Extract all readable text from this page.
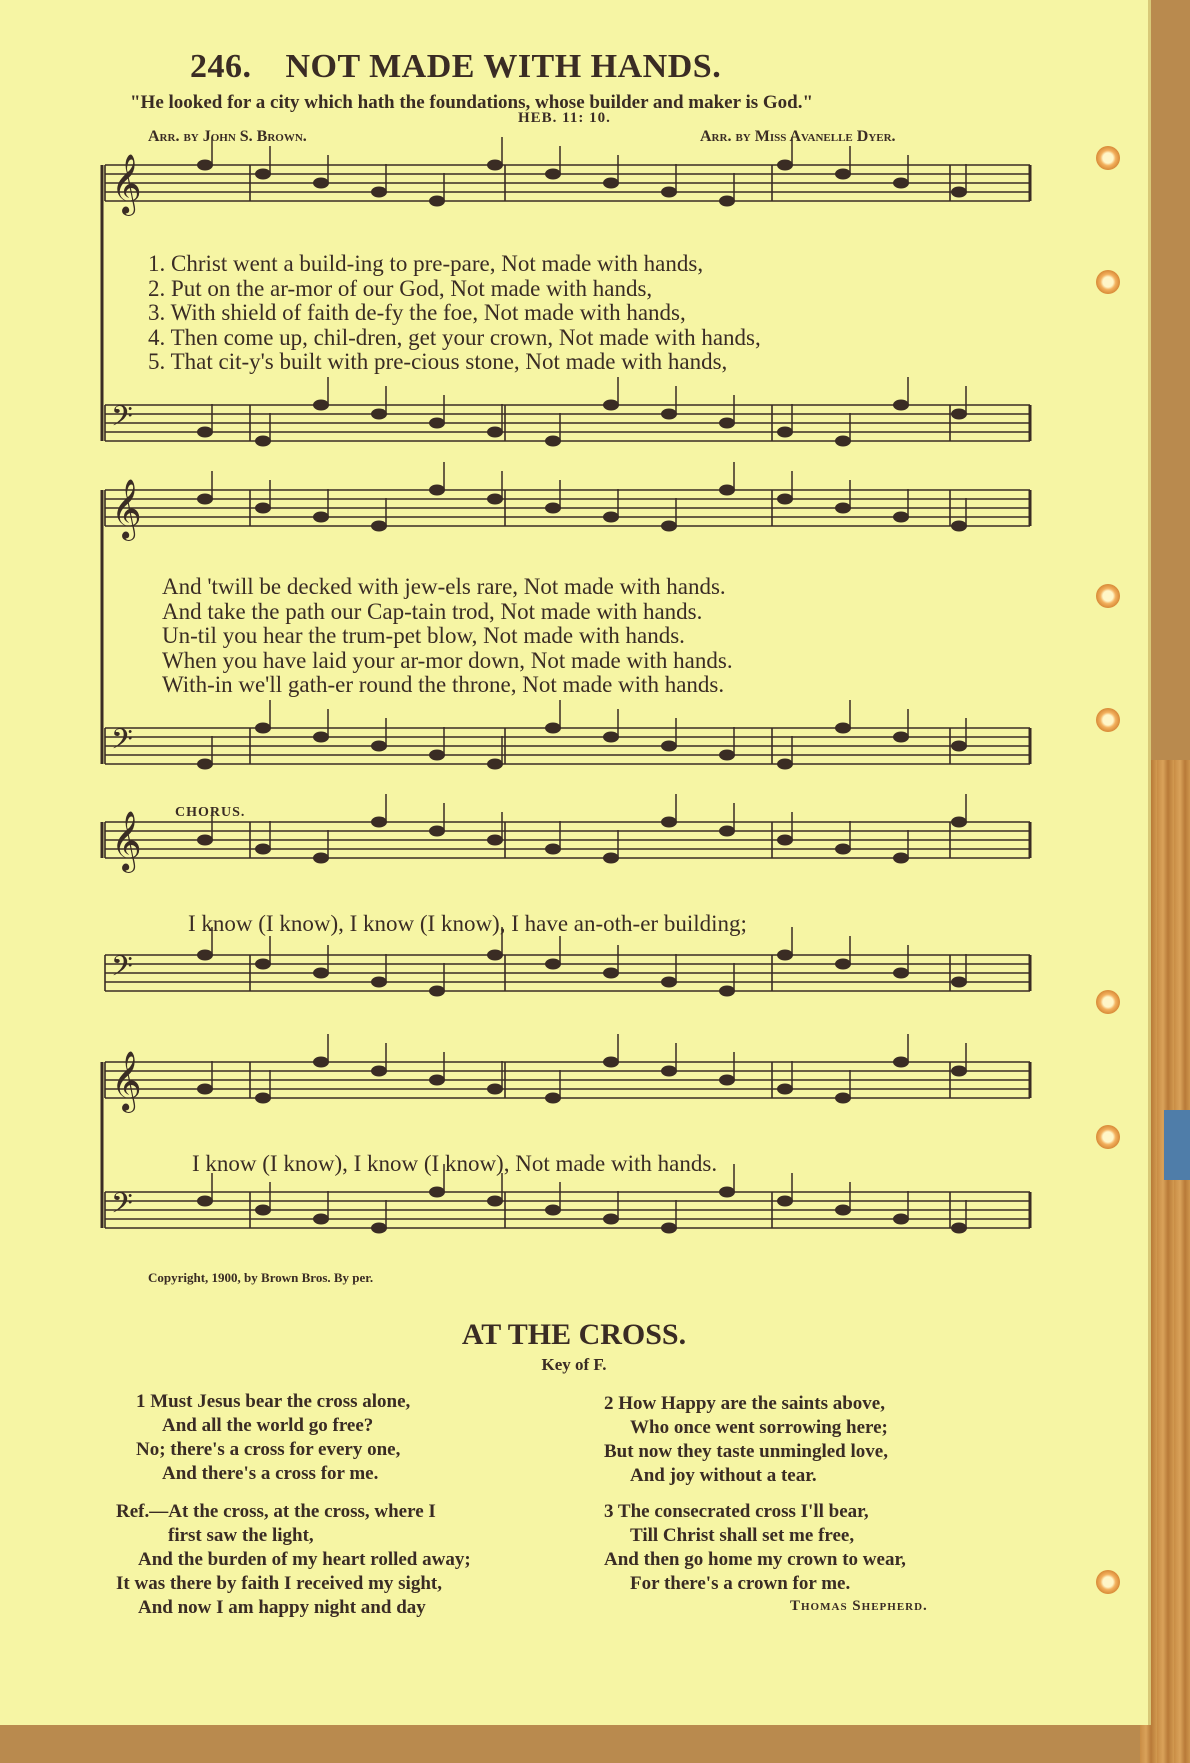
246. NOT MADE WITH HANDS.
"He looked for a city which hath the foundations, whose builder and maker is God."
HEB. 11: 10.
Arr. by John S. Brown.	Arr. by Miss Avanelle Dyer.
𝄞
𝄢
𝄞
𝄢
𝄞
𝄢
𝄞
𝄢
1. Christ went a build-ing to pre-pare, Not made with hands,
2. Put on the ar-mor of our God, Not made with hands,
3. With shield of faith de-fy the foe, Not made with hands,
4. Then come up, chil-dren, get your crown, Not made with hands,
5. That cit-y's built with pre-cious stone, Not made with hands,
And 'twill be decked with jew-els rare, Not made with hands.
And take the path our Cap-tain trod, Not made with hands.
Un-til you hear the trum-pet blow, Not made with hands.
When you have laid your ar-mor down, Not made with hands.
With-in we'll gath-er round the throne, Not made with hands.
CHORUS.
I know (I know), I know (I know), I have an-oth-er building;
I know (I know), I know (I know), Not made with hands.
Copyright, 1900, by Brown Bros. By per.
AT THE CROSS.
Key of F.
1 Must Jesus bear the cross alone,
And all the world go free?
No; there's a cross for every one,
And there's a cross for me.
Ref.—At the cross, at the cross, where I
first saw the light,
And the burden of my heart rolled away;
It was there by faith I received my sight,
And now I am happy night and day
2 How Happy are the saints above,
Who once went sorrowing here;
But now they taste unmingled love,
And joy without a tear.
3 The consecrated cross I'll bear,
Till Christ shall set me free,
And then go home my crown to wear,
For there's a crown for me.
Thomas Shepherd.
